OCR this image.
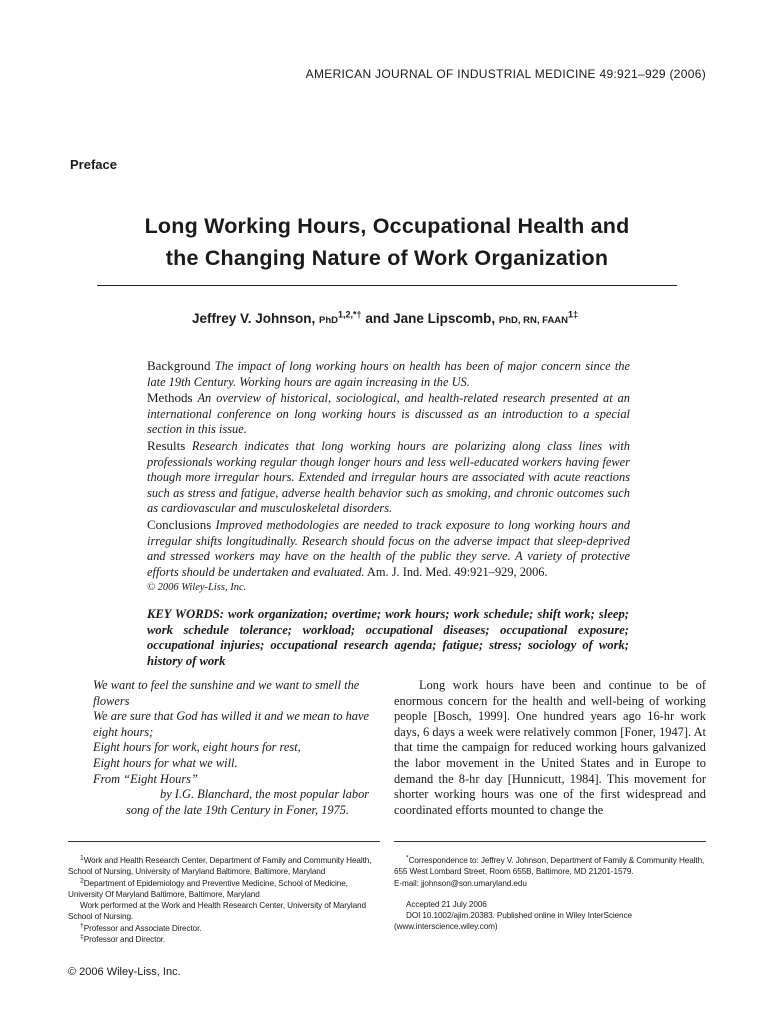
AMERICAN JOURNAL OF INDUSTRIAL MEDICINE 49:921–929 (2006)
Preface
Long Working Hours, Occupational Health and
the Changing Nature of Work Organization
Jeffrey V. Johnson, PhD$^{1,2,*\dagger}$ and Jane Lipscomb, PhD, RN, $FAAN^{1\ddagger}$

Background The impact of long working hours on health has been of major concern since the late 19th Century. Working hours are again increasing in the US.

Methods An overview of historical, sociological, and health-related research presented at an international conference on long working hours is discussed as an introduction to a special section in this issue.

Results Research indicates that long working hours are polarizing along class lines with professionals working regular though longer hours and less well-educated workers having fewer though more irregular hours. Extended and irregular hours are associated with acute reactions such as stress and fatigue, adverse health behavior such as smoking, and chronic outcomes such as cardiovascular and musculoskeletal disorders.

Conclusions Improved methodologies are needed to track exposure to long working hours and irregular shifts longitudinally. Research should focus on the adverse impact that sleep-deprived and stressed workers may have on the health of the public they serve. A variety of protective efforts should be undertaken and evaluated. Am. J. Ind. Med. 49:921–929, 2006.

© 2006 Wiley-Liss, Inc.

KEY WORDS: work organization; overtime; work hours; work schedule; shift work; sleep; work schedule tolerance; workload; occupational diseases; occupational exposure; occupational injuries; occupational research agenda; fatigue; stress; sociology of work; history of work

We want to feel the sunshine and we want to smell the flowers
We are sure that God has willed it and we mean to have eight hours;
Eight hours for work, eight hours for rest,
Eight hours for what we will.
From “Eight Hours”
by I.G. Blanchard, the most popular labor
song of the late 19th Century in Foner, 1975.

Long work hours have been and continue to be of enormous concern for the health and well-being of working people [Bosch, 1999]. One hundred years ago 16-hr work days, 6 days a week were relatively common [Foner, 1947]. At that time the campaign for reduced working hours galvanized the labor movement in the United States and in Europe to demand the 8-hr day [Hunnicutt, 1984]. This movement for shorter working hours was one of the first widespread and coordinated efforts mounted to change the

$^1$Work and Health Research Center, Department of Family and Community Health, School of Nursing, University of Maryland Baltimore, Baltimore, Maryland

$^2$Department of Epidemiology and Preventive Medicine, School of Medicine, University Of Maryland Baltimore, Baltimore, Maryland

Work performed at the Work and Health Research Center, University of Maryland School of Nursing.

†Professor and Associate Director.

‡Professor and Director.

*Correspondence to: Jeffrey V. Johnson, Department of Family & Community Health, 655 West Lombard Street, Room 655B, Baltimore, MD 21201-1579.

E-mail: jjohnson@son.umaryland.edu

Accepted 21 July 2006

DOI 10.1002/ajim.20383. Published online in Wiley InterScience

(www.interscience.wiley.com)

© 2006 Wiley-Liss, Inc.
